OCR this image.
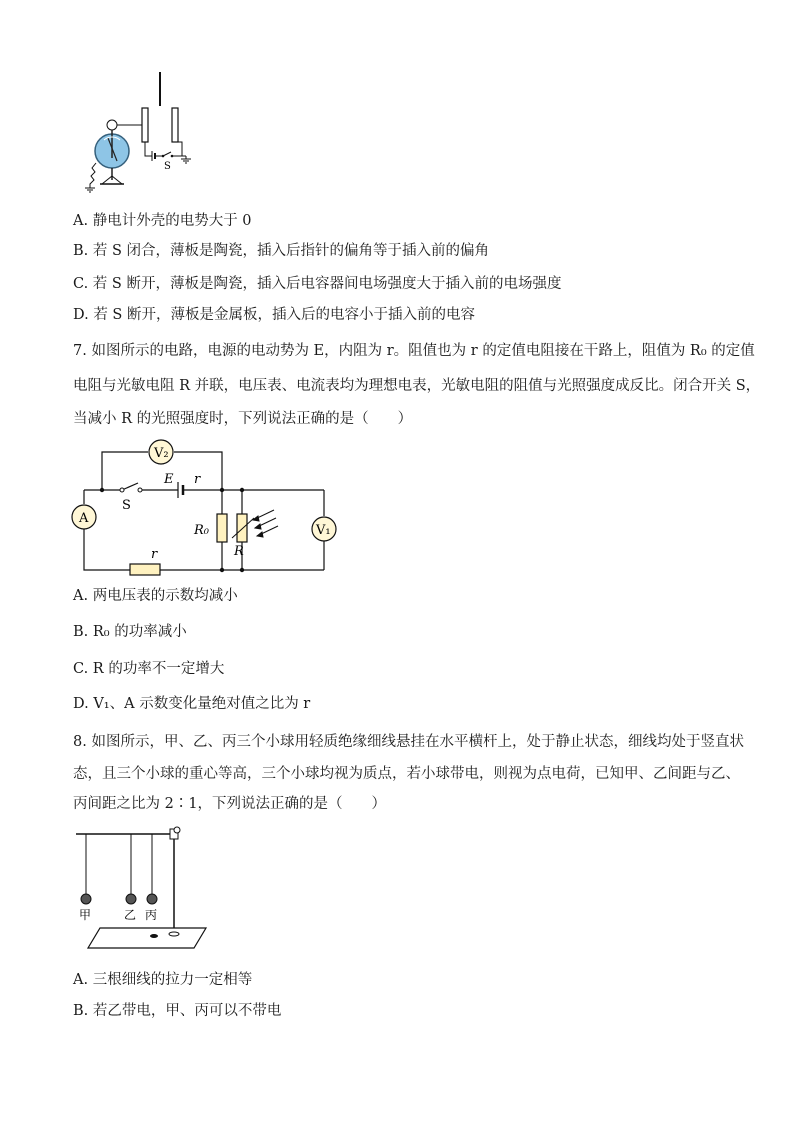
S
A. 静电计外壳的电势大于 0
B. 若 S 闭合，薄板是陶瓷，插入后指针的偏角等于插入前的偏角
C. 若 S 断开，薄板是陶瓷，插入后电容器间电场强度大于插入前的电场强度
D. 若 S 断开，薄板是金属板，插入后的电容小于插入前的电容
7. 如图所示的电路，电源的电动势为 E，内阻为 r。阻值也为 r 的定值电阻接在干路上，阻值为 R₀ 的定值
电阻与光敏电阻 R 并联，电压表、电流表均为理想电表，光敏电阻的阻值与光照强度成反比。闭合开关 S，
当减小 R 的光照强度时，下列说法正确的是（　　）
V₂
S
E r
A
r
R₀
R
V₁
A. 两电压表的示数均减小
B. R₀ 的功率减小
C. R 的功率不一定增大
D. V₁、A 示数变化量绝对值之比为 r
8. 如图所示，甲、乙、丙三个小球用轻质绝缘细线悬挂在水平横杆上，处于静止状态，细线均处于竖直状
态，且三个小球的重心等高，三个小球均视为质点，若小球带电，则视为点电荷，已知甲、乙间距与乙、
丙间距之比为 2∶1，下列说法正确的是（　　）
甲	乙 丙
A. 三根细线的拉力一定相等
B. 若乙带电，甲、丙可以不带电
